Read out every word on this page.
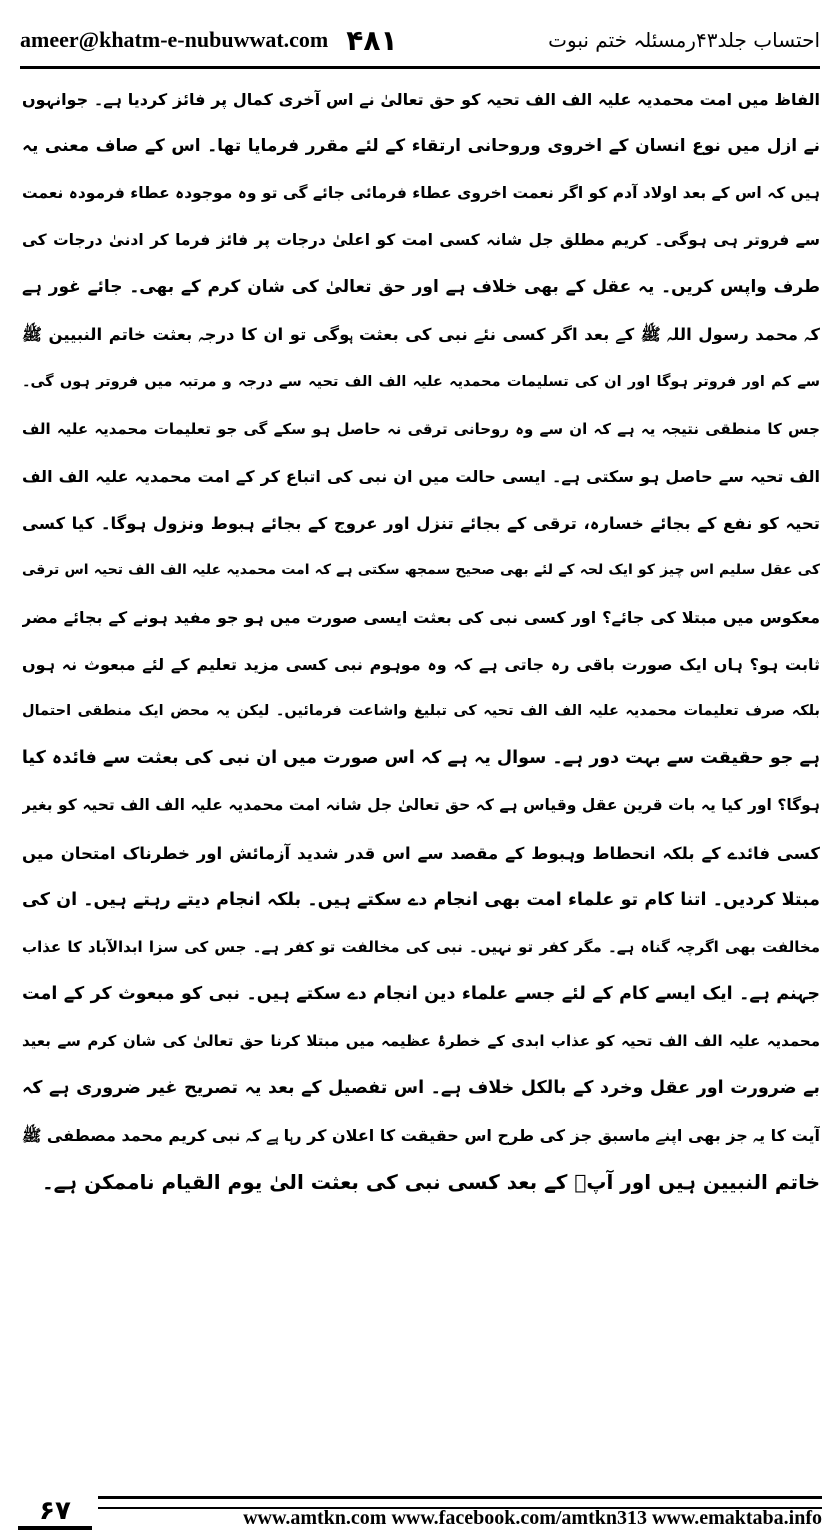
ameer@khatm-e-nubuwwat.com ۴۸۱	احتساب جلد۴۳رمسئلہ ختم نبوت
الفاظ میں امت محمدیہ علیہ الف الف تحیہ کو حق تعالیٰ نے اس آخری کمال پر فائز کردیا ہے۔ جوانہوں
نے ازل میں نوع انسان کے اخروی وروحانی ارتقاء کے لئے مقرر فرمایا تھا۔ اس کے صاف معنی یہ
ہیں کہ اس کے بعد اولاد آدم کو اگر نعمت اخروی عطاء فرمائی جائے گی تو وہ موجودہ عطاء فرمودہ نعمت
سے فروتر ہی ہوگی۔ کریم مطلق جل شانہ کسی امت کو اعلیٰ درجات پر فائز فرما کر ادنیٰ درجات کی
طرف واپس کریں۔ یہ عقل کے بھی خلاف ہے اور حق تعالیٰ کی شان کرم کے بھی۔ جائے غور ہے
کہ محمد رسول اللہ ﷺ کے بعد اگر کسی نئے نبی کی بعثت ہوگی تو ان کا درجہ بعثت خاتم النبیین ﷺ
سے کم اور فروتر ہوگا اور ان کی تسلیمات محمدیہ علیہ الف الف تحیہ سے درجہ و مرتبہ میں فروتر ہوں گی۔
جس کا منطقی نتیجہ یہ ہے کہ ان سے وہ روحانی ترقی نہ حاصل ہو سکے گی جو تعلیمات محمدیہ علیہ الف
الف تحیہ سے حاصل ہو سکتی ہے۔ ایسی حالت میں ان نبی کی اتباع کر کے امت محمدیہ علیہ الف الف
تحیہ کو نفع کے بجائے خسارہ، ترقی کے بجائے تنزل اور عروج کے بجائے ہبوط ونزول ہوگا۔ کیا کسی
کی عقل سلیم اس چیز کو ایک لحہ کے لئے بھی صحیح سمجھ سکتی ہے کہ امت محمدیہ علیہ الف الف تحیہ اس ترقی
معکوس میں مبتلا کی جائے؟ اور کسی نبی کی بعثت ایسی صورت میں ہو جو مفید ہونے کے بجائے مضر
ثابت ہو؟ ہاں ایک صورت باقی رہ جاتی ہے کہ وہ موہوم نبی کسی مزید تعلیم کے لئے مبعوث نہ ہوں
بلکہ صرف تعلیمات محمدیہ علیہ الف الف تحیہ کی تبلیغ واشاعت فرمائیں۔ لیکن یہ محض ایک منطقی احتمال
ہے جو حقیقت سے بہت دور ہے۔ سوال یہ ہے کہ اس صورت میں ان نبی کی بعثت سے فائدہ کیا
ہوگا؟ اور کیا یہ بات قرین عقل وقیاس ہے کہ حق تعالیٰ جل شانہ امت محمدیہ علیہ الف الف تحیہ کو بغیر
کسی فائدے کے بلکہ انحطاط وہبوط کے مقصد سے اس قدر شدید آزمائش اور خطرناک امتحان میں
مبتلا کردیں۔ اتنا کام تو علماء امت بھی انجام دے سکتے ہیں۔ بلکہ انجام دیتے رہتے ہیں۔ ان کی
مخالفت بھی اگرچہ گناہ ہے۔ مگر کفر تو نہیں۔ نبی کی مخالفت تو کفر ہے۔ جس کی سزا ابدالآباد کا عذاب
جہنم ہے۔ ایک ایسے کام کے لئے جسے علماء دین انجام دے سکتے ہیں۔ نبی کو مبعوث کر کے امت
محمدیہ علیہ الف الف تحیہ کو عذاب ابدی کے خطرۂ عظیمہ میں مبتلا کرنا حق تعالیٰ کی شان کرم سے بعید
بے ضرورت اور عقل وخرد کے بالکل خلاف ہے۔ اس تفصیل کے بعد یہ تصریح غیر ضروری ہے کہ
آیت کا یہ جز بھی اپنے ماسبق جز کی طرح اس حقیقت کا اعلان کر رہا ہے کہ نبی کریم محمد مصطفی ﷺ
خاتم النبیین ہیں اور آپؐ کے بعد کسی نبی کی بعثت الیٰ یوم القیام ناممکن ہے۔
۶۷	www.amtkn.com www.facebook.com/amtkn313 www.emaktaba.info
